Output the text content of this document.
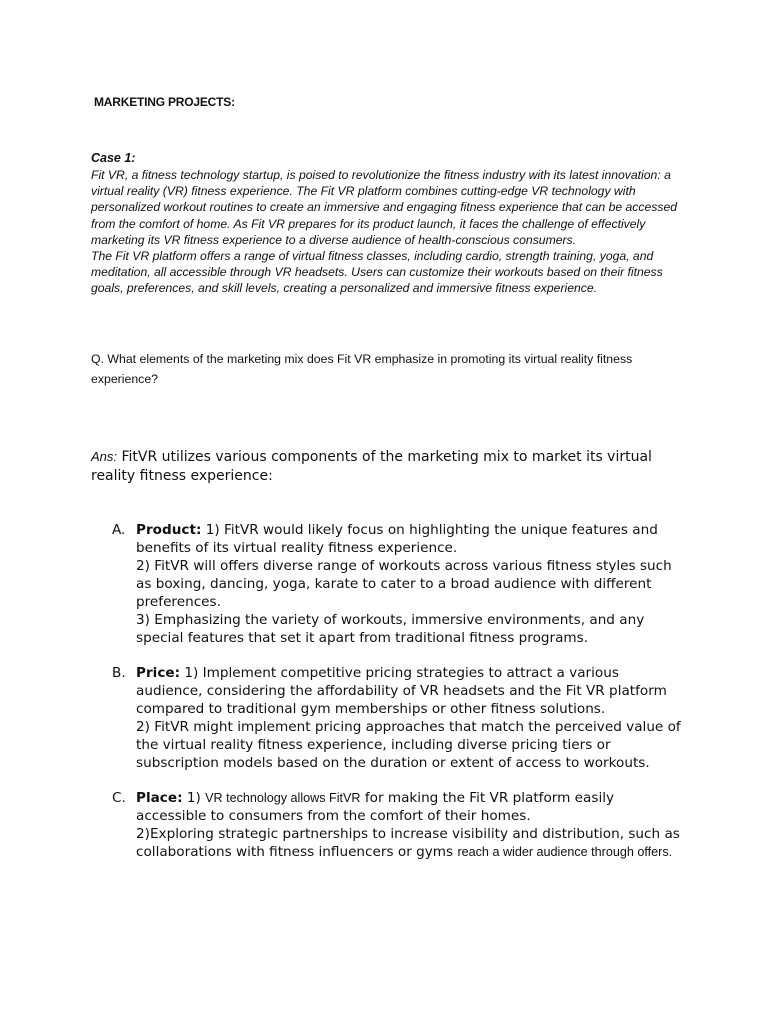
MARKETING PROJECTS:
Case 1:

Fit VR, a fitness technology startup, is poised to revolutionize the fitness industry with its latest innovation: a virtual reality (VR) fitness experience. The Fit VR platform combines cutting-edge VR technology with personalized workout routines to create an immersive and engaging fitness experience that can be accessed from the comfort of home. As Fit VR prepares for its product launch, it faces the challenge of effectively marketing its VR fitness experience to a diverse audience of health-conscious consumers.

The Fit VR platform offers a range of virtual fitness classes, including cardio, strength training, yoga, and meditation, all accessible through VR headsets. Users can customize their workouts based on their fitness goals, preferences, and skill levels, creating a personalized and immersive fitness experience.

Q. What elements of the marketing mix does Fit VR emphasize in promoting its virtual reality fitness experience?
Ans: FitVR utilizes various components of the marketing mix to market its virtual reality fitness experience:
A. Product: 1) FitVR would likely focus on highlighting the unique features and benefits of its virtual reality fitness experience.
2) FitVR will offers diverse range of workouts across various fitness styles such as boxing, dancing, yoga, karate to cater to a broad audience with different preferences.
3) Emphasizing the variety of workouts, immersive environments, and any special features that set it apart from traditional fitness programs.
B. Price: 1) Implement competitive pricing strategies to attract a various audience, considering the affordability of VR headsets and the Fit VR platform compared to traditional gym memberships or other fitness solutions.
2) FitVR might implement pricing approaches that match the perceived value of the virtual reality fitness experience, including diverse pricing tiers or subscription models based on the duration or extent of access to workouts.
C. Place: 1) VR technology allows FitVR for making the Fit VR platform easily accessible to consumers from the comfort of their homes.
2)Exploring strategic partnerships to increase visibility and distribution, such as collaborations with fitness influencers or gyms reach a wider audience through offers.
